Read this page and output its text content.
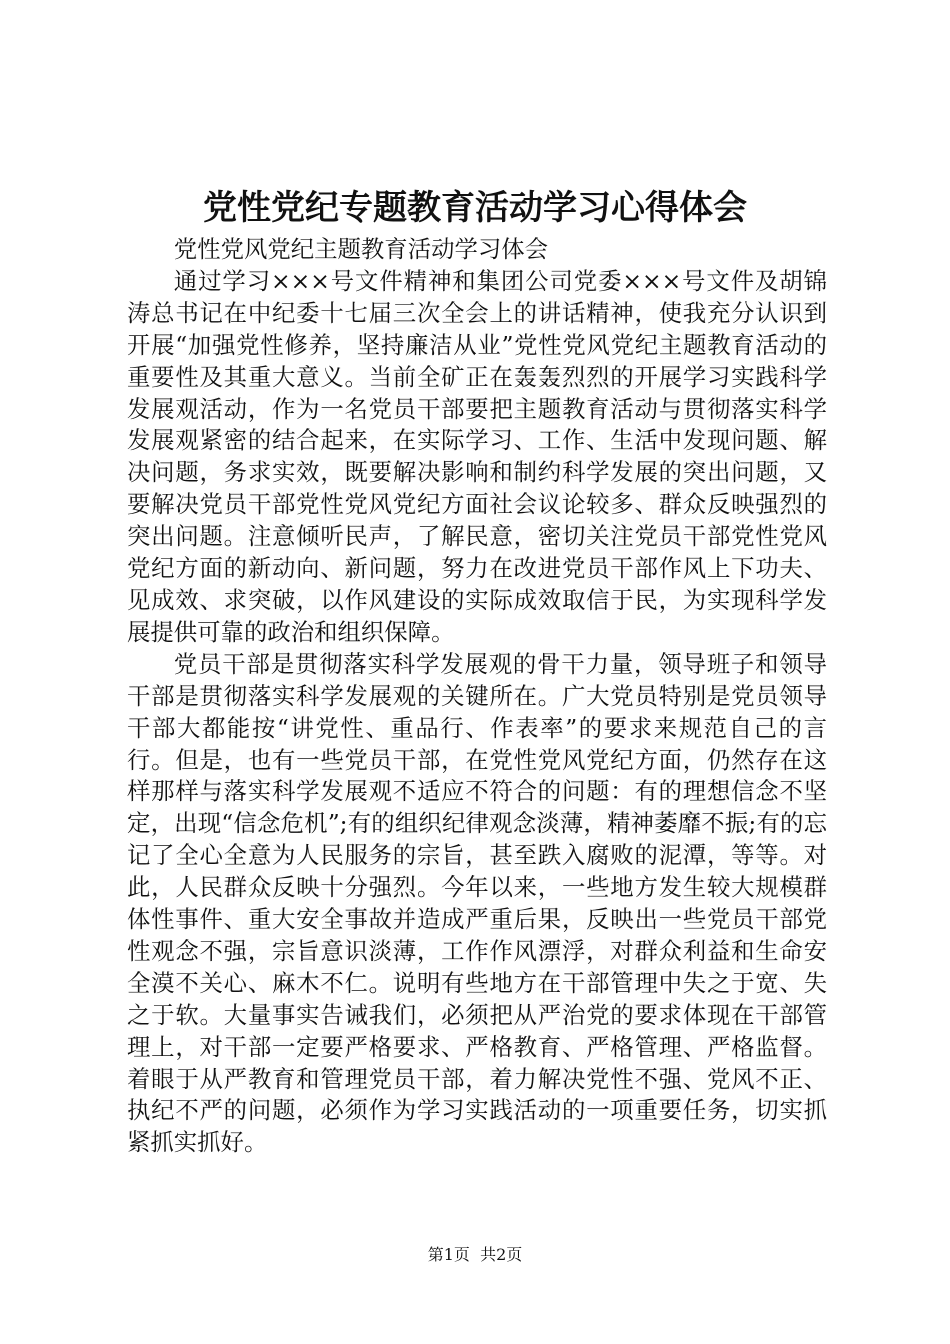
党性党纪专题教育活动学习心得体会

党性党风党纪主题教育活动学习体会

通过学习×××号文件精神和集团公司党委×××号文件及胡锦涛总书记在中纪委十七届三次全会上的讲话精神，使我充分认识到开展“加强党性修养，坚持廉洁从业”党性党风党纪主题教育活动的重要性及其重大意义。当前全矿正在轰轰烈烈的开展学习实践科学发展观活动，作为一名党员干部要把主题教育活动与贯彻落实科学发展观紧密的结合起来，在实际学习、工作、生活中发现问题、解决问题，务求实效，既要解决影响和制约科学发展的突出问题，又要解决党员干部党性党风党纪方面社会议论较多、群众反映强烈的突出问题。注意倾听民声，了解民意，密切关注党员干部党性党风党纪方面的新动向、新问题，努力在改进党员干部作风上下功夫、见成效、求突破，以作风建设的实际成效取信于民，为实现科学发展提供可靠的政治和组织保障。

党员干部是贯彻落实科学发展观的骨干力量，领导班子和领导干部是贯彻落实科学发展观的关键所在。广大党员特别是党员领导干部大都能按“讲党性、重品行、作表率”的要求来规范自己的言行。但是，也有一些党员干部，在党性党风党纪方面，仍然存在这样那样与落实科学发展观不适应不符合的问题：有的理想信念不坚定，出现“信念危机”;有的组织纪律观念淡薄，精神萎靡不振;有的忘记了全心全意为人民服务的宗旨，甚至跌入腐败的泥潭，等等。对此，人民群众反映十分强烈。今年以来，一些地方发生较大规模群体性事件、重大安全事故并造成严重后果，反映出一些党员干部党性观念不强，宗旨意识淡薄，工作作风漂浮，对群众利益和生命安全漠不关心、麻木不仁。说明有些地方在干部管理中失之于宽、失之于软。大量事实告诫我们，必须把从严治党的要求体现在干部管理上，对干部一定要严格要求、严格教育、严格管理、严格监督。着眼于从严教育和管理党员干部，着力解决党性不强、党风不正、执纪不严的问题，必须作为学习实践活动的一项重要任务，切实抓紧抓实抓好。

第1页 共2页
